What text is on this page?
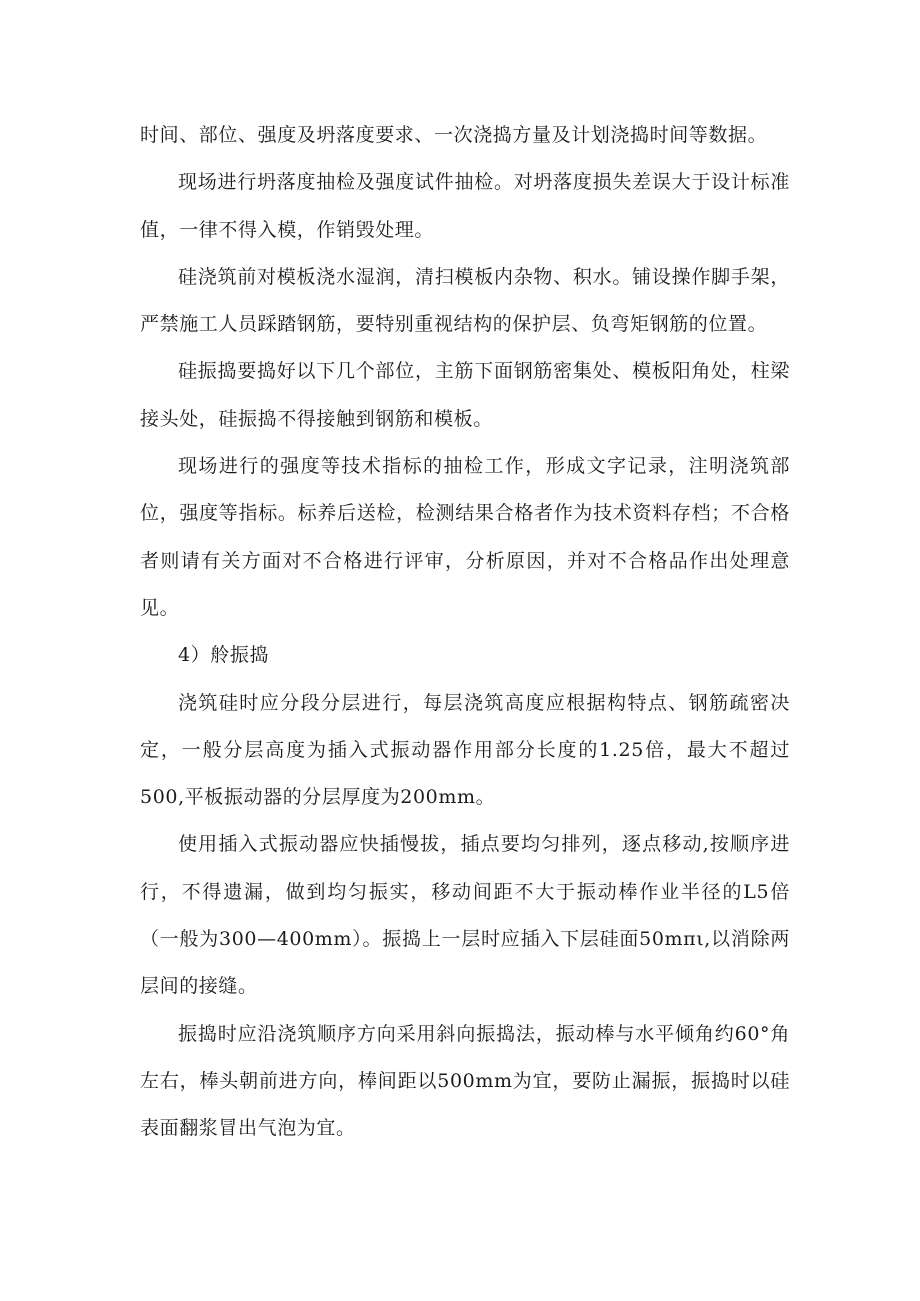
时间、部位、强度及坍落度要求、一次浇捣方量及计划浇捣时间等数据。

现场进行坍落度抽检及强度试件抽检。对坍落度损失差误大于设计标准值，一律不得入模，作销毁处理。

硅浇筑前对模板浇水湿润，清扫模板内杂物、积水。铺设操作脚手架，严禁施工人员踩踏钢筋，要特别重视结构的保护层、负弯矩钢筋的位置。

硅振捣要捣好以下几个部位，主筋下面钢筋密集处、模板阳角处，柱梁接头处，硅振捣不得接触到钢筋和模板。

现场进行的强度等技术指标的抽检工作，形成文字记录，注明浇筑部位，强度等指标。标养后送检，检测结果合格者作为技术资料存档；不合格者则请有关方面对不合格进行评审，分析原因，并对不合格品作出处理意见。

4）舲振捣

浇筑硅时应分段分层进行，每层浇筑高度应根据构特点、钢筋疏密决定，一般分层高度为插入式振动器作用部分长度的1.25倍，最大不超过500,平板振动器的分层厚度为200mm。

使用插入式振动器应快插慢拔，插点要均匀排列，逐点移动,按顺序进行，不得遗漏，做到均匀振实，移动间距不大于振动棒作业半径的L5倍（一般为300—400mm）。振捣上一层时应插入下层硅面50mπι,以消除两层间的接缝。

振捣时应沿浇筑顺序方向采用斜向振捣法，振动棒与水平倾角约60°角左右，棒头朝前进方向，棒间距以500mm为宜，要防止漏振，振捣时以硅表面翻浆冒出气泡为宜。
